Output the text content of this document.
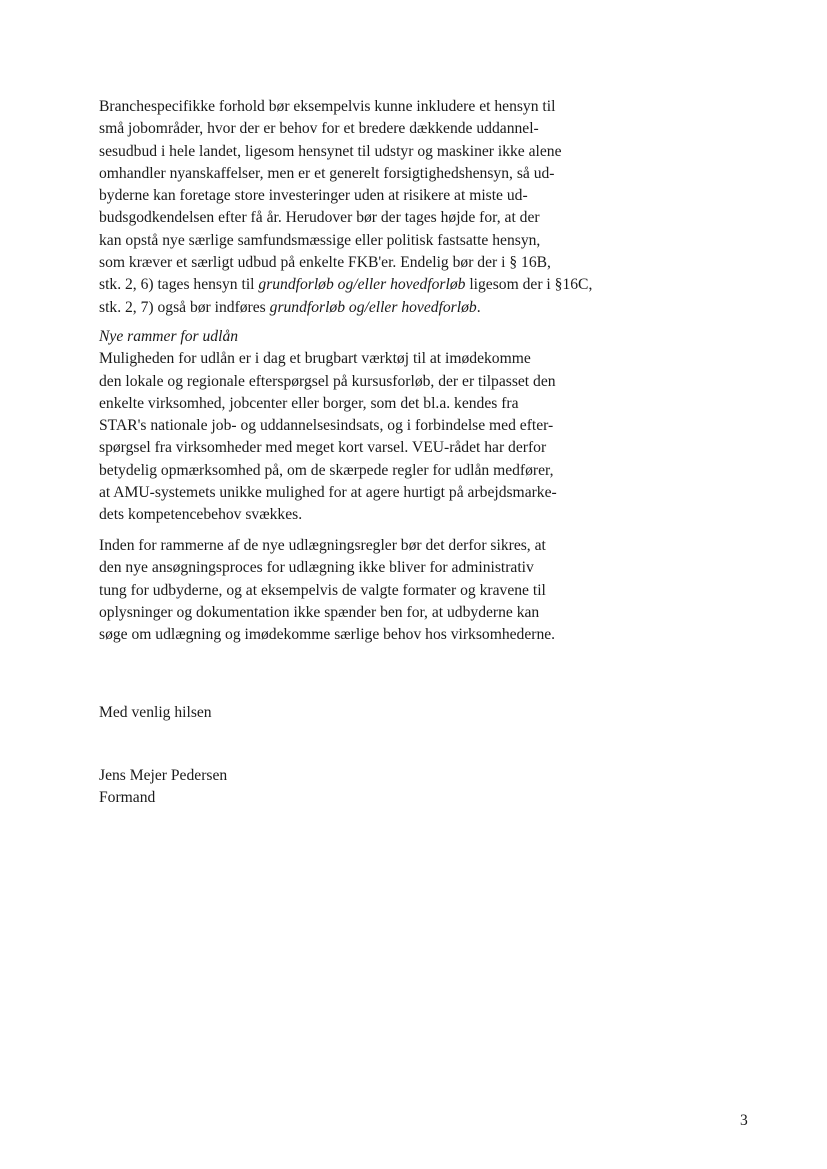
Branchespecifikke forhold bør eksempelvis kunne inkludere et hensyn til
små jobområder, hvor der er behov for et bredere dækkende uddannel-
sesudbud i hele landet, ligesom hensynet til udstyr og maskiner ikke alene
omhandler nyanskaffelser, men er et generelt forsigtighedshensyn, så ud-
byderne kan foretage store investeringer uden at risikere at miste ud-
budsgodkendelsen efter få år. Herudover bør der tages højde for, at der
kan opstå nye særlige samfundsmæssige eller politisk fastsatte hensyn,
som kræver et særligt udbud på enkelte FKB'er. Endelig bør der i § 16B,
stk. 2, 6) tages hensyn til grundforløb og/eller hovedforløb ligesom der i §16C,
stk. 2, 7) også bør indføres grundforløb og/eller hovedforløb.
Nye rammer for udlån
Muligheden for udlån er i dag et brugbart værktøj til at imødekomme
den lokale og regionale efterspørgsel på kursusforløb, der er tilpasset den
enkelte virksomhed, jobcenter eller borger, som det bl.a. kendes fra
STAR's nationale job- og uddannelsesindsats, og i forbindelse med efter-
spørgsel fra virksomheder med meget kort varsel. VEU-rådet har derfor
betydelig opmærksomhed på, om de skærpede regler for udlån medfører,
at AMU-systemets unikke mulighed for at agere hurtigt på arbejdsmarke-
dets kompetencebehov svækkes.
Inden for rammerne af de nye udlægningsregler bør det derfor sikres, at
den nye ansøgningsproces for udlægning ikke bliver for administrativ
tung for udbyderne, og at eksempelvis de valgte formater og kravene til
oplysninger og dokumentation ikke spænder ben for, at udbyderne kan
søge om udlægning og imødekomme særlige behov hos virksomhederne.
Med venlig hilsen
Jens Mejer Pedersen
Formand
3
